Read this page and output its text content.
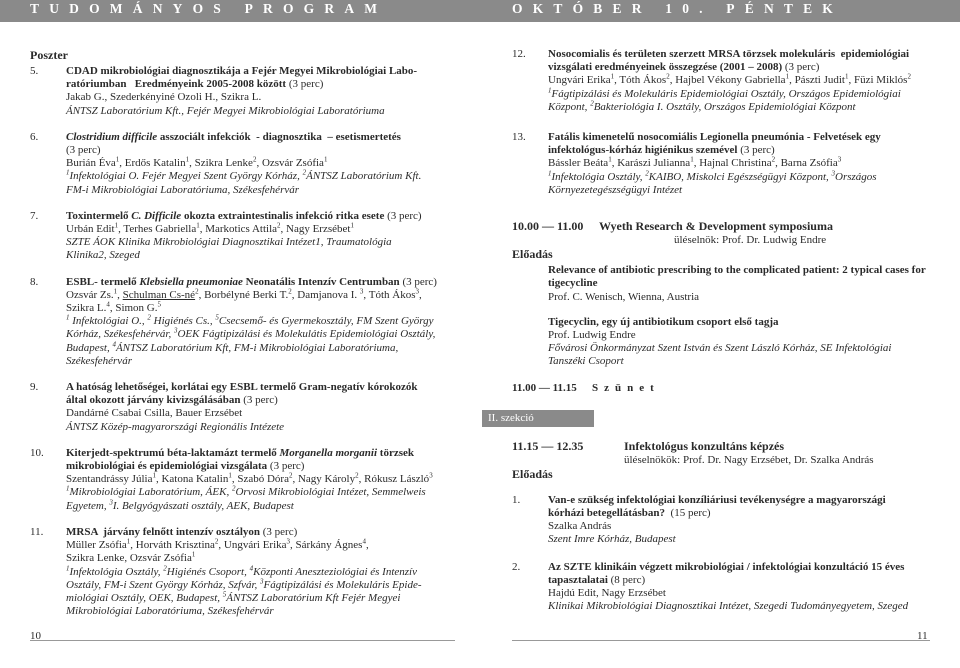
TUDOMÁNYOS PROGRAM	OKTÓBER 10. PÉNTEK

Poszter

5.	CDAD mikrobiológiai diagnosztikája a Fejér Megyei Mikrobiológiai Labo-
ratóriumban   Eredményeink 2005-2008 között (3 perc)

Jakab G., Szederkényiné Ozoli H., Szikra L.

ÁNTSZ Laboratórium Kft., Fejér Megyei Mikrobiológiai Laboratóriuma

6.	Clostridium difficile asszociált infekciók  - diagnosztika  – esetismertetés

(3 perc)

Burián Éva$^1$, Erdős Katalin$^1$, Szikra Lenke$^2$, Ozsvár Zsófia$^1$

$^1$Infektológiai O. Fejér Megyei Szent György Kórház, $^2$ÁNTSZ Laboratórium Kft.

FM-i Mikrobiológiai Laboratóriuma, Székesfehérvár

7.	Toxintermelő C. Difficile okozta extraintestinalis infekció ritka esete (3 perc)

Urbán Edit$^1$, Terhes Gabriella$^1$, Markotics Attila$^2$, Nagy Erzsébet$^1$

SZTE ÁOK Klinika Mikrobiológiai Diagnosztikai Intézet1, Traumatológia

Klinika2, Szeged

8.	ESBL- termelő Klebsiella pneumoniae Neonatális Intenzív Centrumban (3 perc)

Ozsvár Zs.$^1$, Schulman $Cs-né^2$, Borbélyné Berki T.$^2$, Damjanova I. $^3$, Tóth Ákos$^3$,

Szikra L.$^4$, Simon G.$^5$

$^1$ Infektológiai O., $^2$ Higiénés Cs., $^5$Csecsemő- és Gyermekosztály, FM Szent György

Kórház, Székesfehérvár, $^3$OEK Fágtipizálási és Molekulátis Epidemiológiai Osztály,

Budapest, $^4$ÁNTSZ Laboratórium Kft, FM-i Mikrobiológiai Laboratóriuma,

Székesfehérvár

9.	A hatóság lehetőségei, korlátai egy ESBL termelő Gram-negatív kórokozók

által okozott járvány kivizsgálásában (3 perc)

Dandárné Csabai Csilla, Bauer Erzsébet

ÁNTSZ Közép-magyarországi Regionális Intézete

10. Kiterjedt-spektrumú béta-laktamázt termelő Morganella morganii törzsek

mikrobiológiai és epidemiológiai vizsgálata (3 perc)

Szentandrássy Júlia$^1$, Katona Katalin$^1$, Szabó Dóra$^2$, Nagy Károly$^2$, Rókusz László$^3$

$^1$Mikrobiológiai Laboratórium, ÁEK, $^2$Orvosi Mikrobiológiai Intézet, Semmelweis

Egyetem, $^3$I. Belgyógyászati osztály, AEK, Budapest

11. MRSA  járvány felnőtt intenzív osztályon (3 perc)

Müller Zsófia$^1$, Horváth Krisztina$^2$, Ungvári Erika$^3$, Sárkány Ágnes$^4$,

Szikra Lenke, Ozsvár Zsófia$^1$

$^1$Infektológia Osztály, $^2$Higiénés Csoport, $^4$Központi Aneszteziológiai és Intenzív

Osztály, FM-i Szent György Kórház, Szfvár, $^3$Fágtipizálási és Molekuláris Epide-

miológiai Osztály, OEK, Budapest, $^5$ÁNTSZ Laboratórium Kft Fejér Megyei

Mikrobiológiai Laboratóriuma, Székesfehérvár

12. Nosocomialis és területen szerzett MRSA törzsek molekuláris  epidemiológiai

vizsgálati eredményeinek összegzése (2001 – 2008) (3 perc)

Ungvári Erika$^1$, Tóth Ákos$^2$, Hajbel Vékony Gabriella$^1$, Pászti Judit$^1$, Füzi Miklós$^2$

$^1$Fágtipizálási és Molekuláris Epidemiológiai Osztály, Országos Epidemiológiai

Központ, $^2$Bakteriológia I. Osztály, Országos Epidemiológiai Központ

13. Fatális kimenetelű nosocomiális Legionella pneumónia - Felvetések egy

infektológus-kórház higiénikus szemével (3 perc)

Bássler Beáta$^1$, Karászi Julianna$^1$, Hajnal Christina$^2$, Barna Zsófia$^3$

$^1$Infektológia Osztály, $^2$KAIBO, Miskolci Egészségügyi Központ, $^3$Országos

Környezetegészségügyi Intézet

10.00 — 11.00	Wyeth Research & Development symposiuma

üléselnök: Prof. Dr. Ludwig Endre

Előadás

Relevance of antibiotic prescribing to the complicated patient: 2 typical cases for

tigecycline

Prof. C. Wenisch, Wienna, Austria

Tigecyclin, egy új antibiotikum csoport első tagja

Prof. Ludwig Endre

Fővárosi Önkormányzat Szent István és Szent László Kórház, SE Infektológiai

Tanszéki Csoport

11.00 — 11.15	Szünet
II. szekció
11.15 — 12.35	Infektológus konzultáns képzés

üléselnökök: Prof. Dr. Nagy Erzsébet, Dr. Szalka András

Előadás

1.	Van-e szükség infektológiai konzíliáriusi tevékenységre a magyarországi

kórházi betegellátásban?  (15 perc)

Szalka András

Szent Imre Kórház, Budapest

2.	Az SZTE klinikáin végzett mikrobiológiai / infektológiai konzultáció 15 éves

tapasztalatai (8 perc)

Hajdú Edit, Nagy Erzsébet

Klinikai Mikrobiológiai Diagnosztikai Intézet, Szegedi Tudományegyetem, Szeged

10	11
